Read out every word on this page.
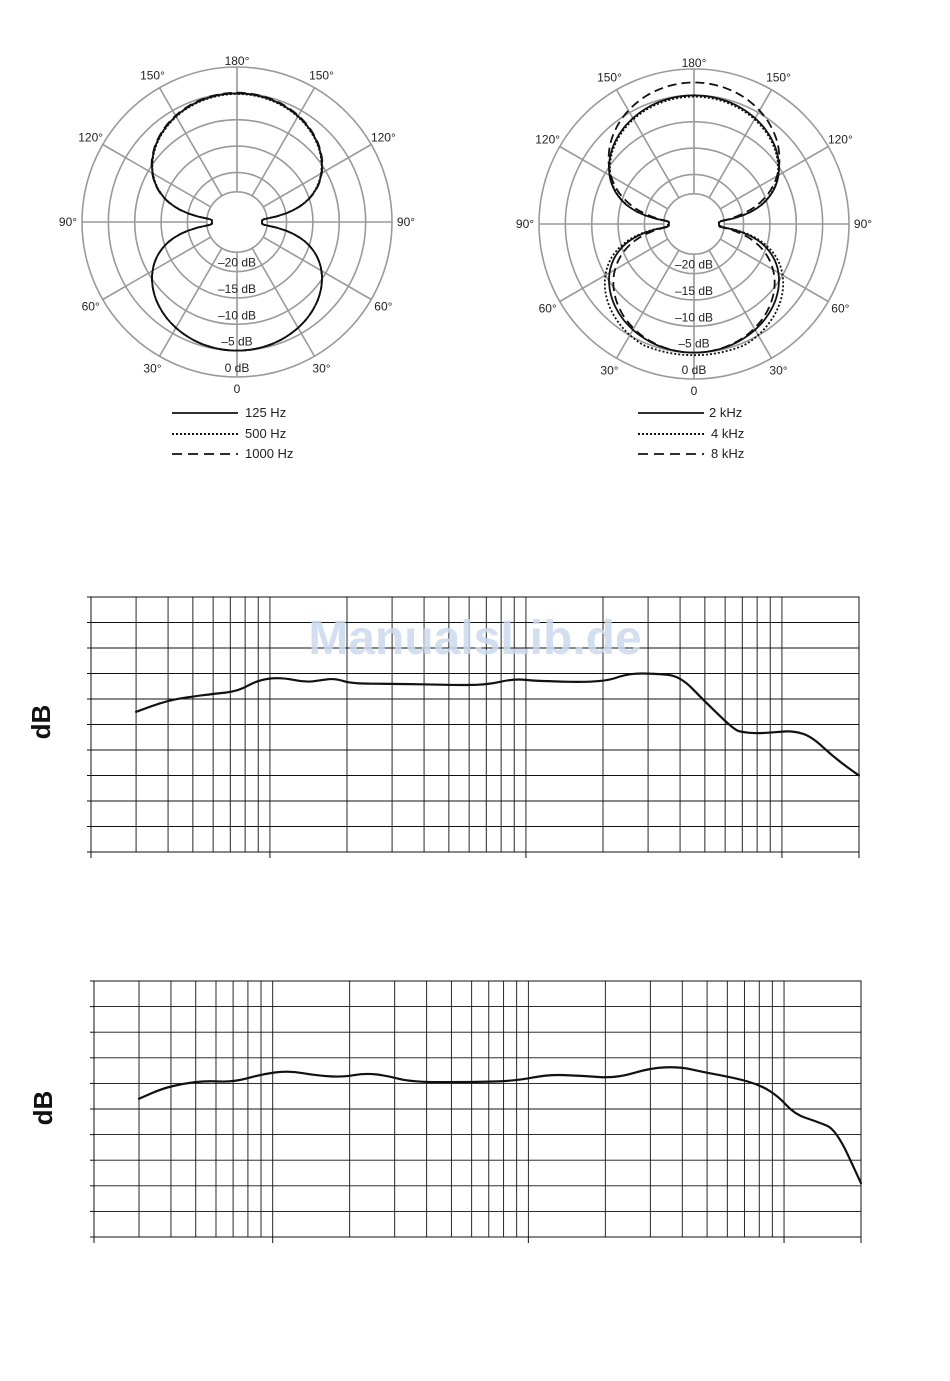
0
30°
60°
90°
120°
150°
180°
150°
120°
90°
60°
30°	0 dB
–5 dB
–10 dB
–15 dB
–20 dB
0
30°
60°
90°
120°
150°
180°
150°
120°
90°
60°
30°	0 dB
–5 dB
–10 dB
–15 dB
–20 dB
125 Hz
500 Hz
1000 Hz
2 kHz
4 kHz
8 kHz
dB
dB
ManualsLib.de
